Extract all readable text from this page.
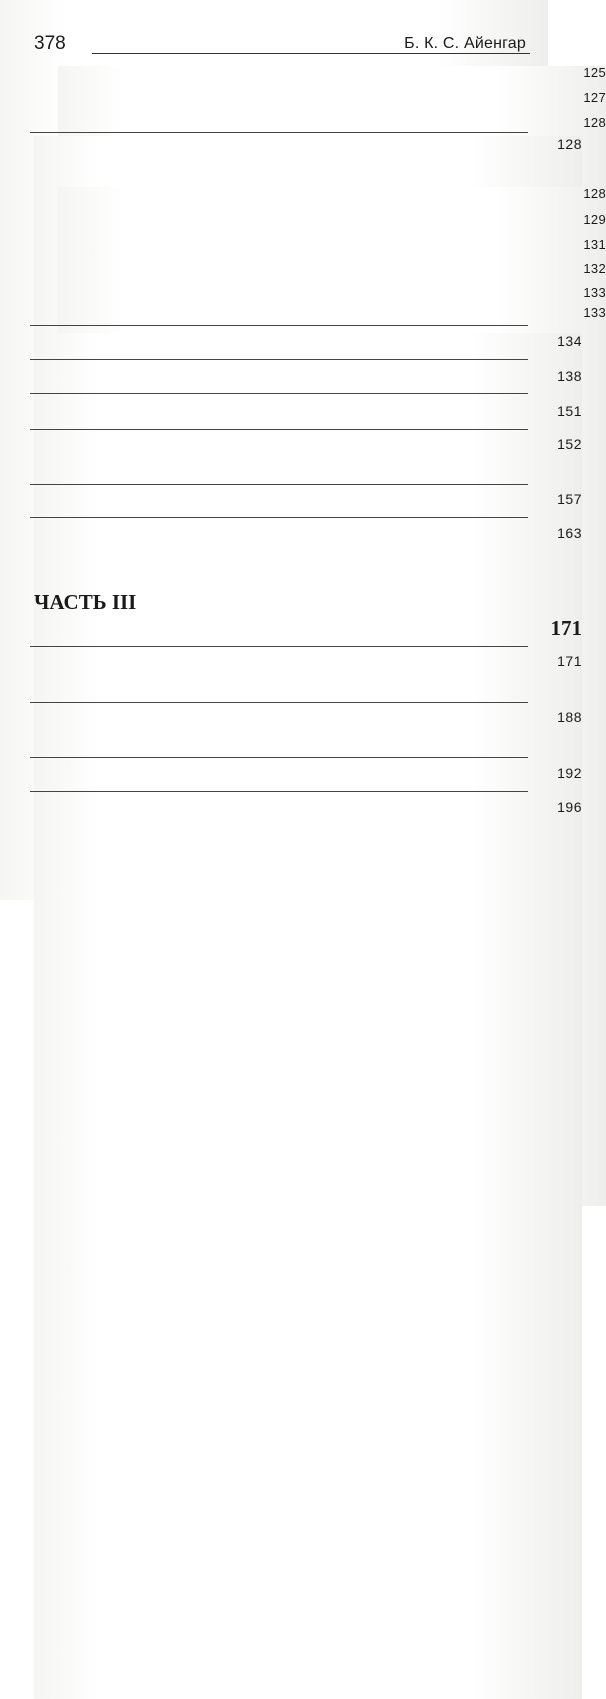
378	Б. К. С. Айенгар
125
127
128
128
128
129
131
132
133
133
134
138
151
152
157
163
ЧАСТЬ III
171
171
188
192
196
